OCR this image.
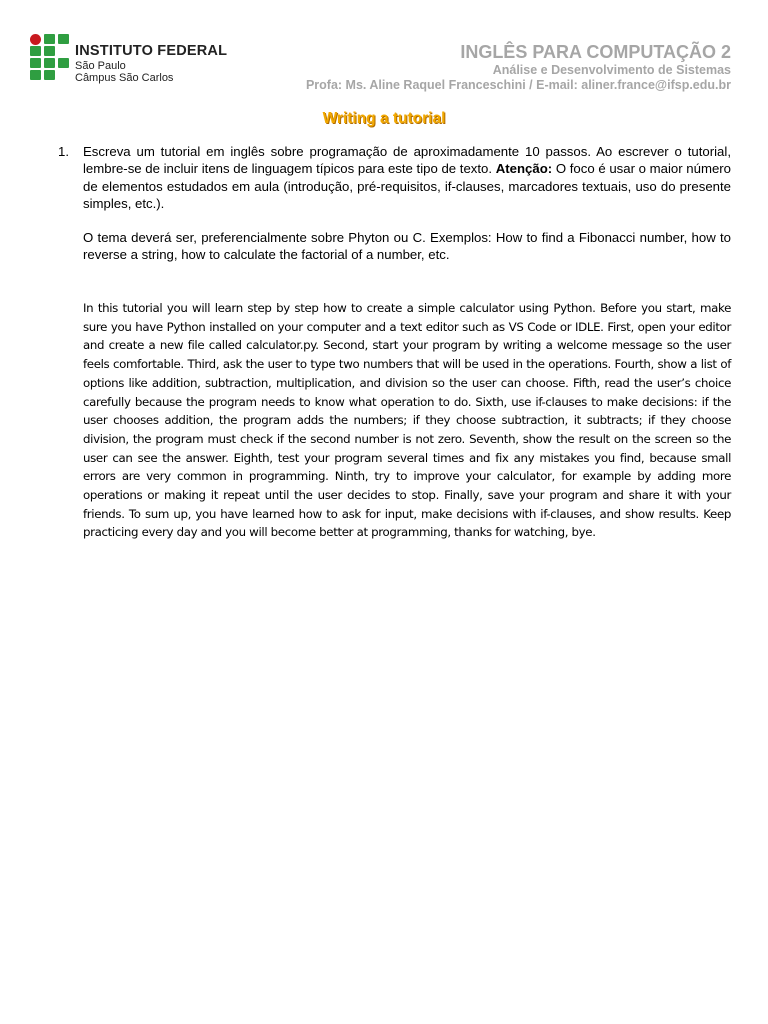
INSTITUTO FEDERAL
São Paulo
Câmpus São Carlos
INGLÊS PARA COMPUTAÇÃO 2
Análise e Desenvolvimento de Sistemas
Profa: Ms. Aline Raquel Franceschini / E-mail: aliner.france@ifsp.edu.br
Writing a tutorial
1. Escreva um tutorial em inglês sobre programação de aproximadamente 10 passos. Ao escrever o tutorial, lembre-se de incluir itens de linguagem típicos para este tipo de texto. Atenção: O foco é usar o maior número de elementos estudados em aula (introdução, pré-requisitos, if-clauses, marcadores textuais, uso do presente simples, etc.).

O tema deverá ser, preferencialmente sobre Phyton ou C. Exemplos: How to find a Fibonacci number, how to reverse a string, how to calculate the factorial of a number, etc.

In this tutorial you will learn step by step how to create a simple calculator using Python. Before you start, make sure you have Python installed on your computer and a text editor such as VS Code or IDLE. First, open your editor and create a new file called calculator.py. Second, start your program by writing a welcome message so the user feels comfortable. Third, ask the user to type two numbers that will be used in the operations. Fourth, show a list of options like addition, subtraction, multiplication, and division so the user can choose. Fifth, read the user’s choice carefully because the program needs to know what operation to do. Sixth, use if-clauses to make decisions: if the user chooses addition, the program adds the numbers; if they choose subtraction, it subtracts; if they choose division, the program must check if the second number is not zero. Seventh, show the result on the screen so the user can see the answer. Eighth, test your program several times and fix any mistakes you find, because small errors are very common in programming. Ninth, try to improve your calculator, for example by adding more operations or making it repeat until the user decides to stop. Finally, save your program and share it with your friends. To sum up, you have learned how to ask for input, make decisions with if-clauses, and show results. Keep practicing every day and you will become better at programming, thanks for watching, bye.
